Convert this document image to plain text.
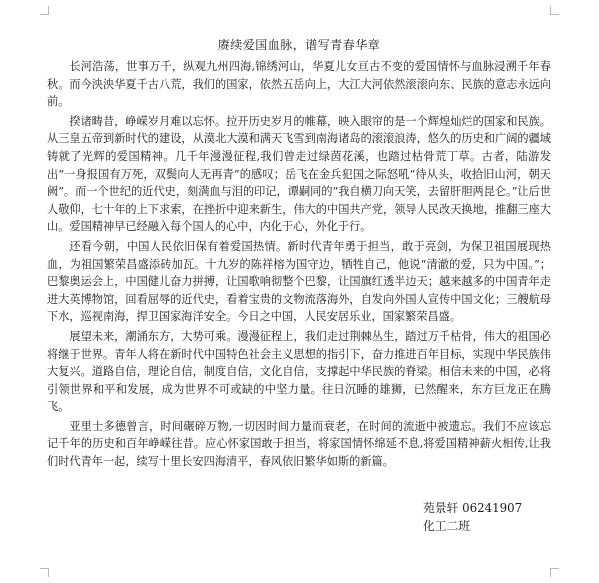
赓续爱国血脉，谱写青春华章

长河浩荡，世事万千，纵观九州四海,锦绣河山，华夏儿女亘古不变的爱国情怀与血脉浸溯千年春秋。而今泱泱华夏千古八荒，我们的国家，依然五岳向上，大江大河依然滚滚向东、民族的意志永远向前。

揆诸畴昔，峥嵘岁月难以忘怀。拉开历史岁月的帷幕，映入眼帘的是一个辉煌灿烂的国家和民族。从三皇五帝到新时代的建设，从漠北大漠和满天飞雪到南海诸岛的滚滚浪涛，悠久的历史和广阔的疆域铸就了光辉的爱国精神。几千年漫漫征程,我们曾走过绿茵花溪，也踏过枯骨荒丁草。古者，陆游发出“一身报国有万死，双鬓向人无再青”的感叹；岳飞在金兵犯国之际怒吼“待从头，收拾旧山河，朝天阙”。而一个世纪的近代史，刻满血与泪的印记，谭嗣同的“我自横刀向天笑，去留肝胆两昆仑。”让后世人敬仰，七十年的上下求索，在挫折中迎来新生，伟大的中国共产党，领导人民改天换地，推翻三座大山。爱国精神早已经融入每个国人的心中，内化于心，外化于行。

还看今朝，中国人民依旧保有着爱国热情。新时代青年勇于担当，敢于亮剑，为保卫祖国展现热血，为祖国繁荣昌盛添砖加瓦。十九岁的陈祥榕为国守边，牺牲自己，他说“清澈的爱，只为中国。”；巴黎奥运会上，中国健儿奋力拼搏，让国歌响彻整个巴黎，让国旗红透半边天；越来越多的中国青年走进大英博物馆，回看屈辱的近代史，看着宝贵的文物流落海外，自发向外国人宣传中国文化；三艘航母下水，巡视南海，捍卫国家海洋安全。今日之中国，人民安居乐业，国家繁荣昌盛。

展望未来，潮涌东方，大势可乘。漫漫征程上，我们走过荆棘丛生，踏过万千枯骨，伟大的祖国必将继于世界。青年人将在新时代中国特色社会主义思想的指引下，奋力推进百年目标，实现中华民族伟大复兴。道路自信，理论自信，制度自信，文化自信，支撑起中华民族的脊梁。相信未来的中国，必将引领世界和平和发展，成为世界不可或缺的中坚力量。往日沉睡的雄狮，已然醒来，东方巨龙正在腾飞。

亚里士多德曾言，时间碾碎万物,一切因时间力量而衰老，在时间的流逝中被遗忘。我们不应该忘记千年的历史和百年峥嵘往昔。应心怀家国敢于担当，将家国情怀绵延不息,将爱国精神薪火相传,让我们时代青年一起，续写十里长安四海清平，春风依旧繁华如斯的新篇。

苑景轩 06241907
化工二班
